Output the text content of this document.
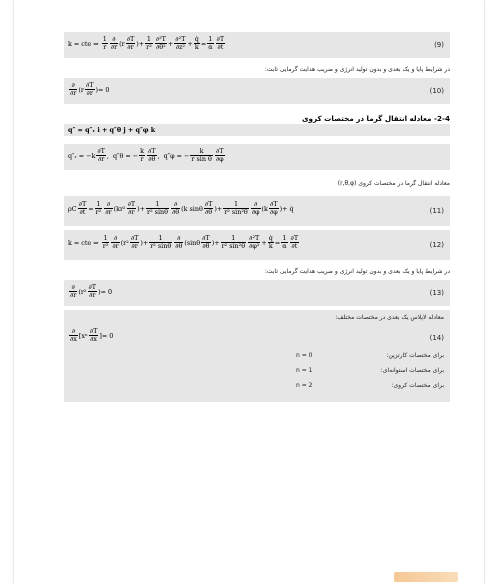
k = cte
⇒
$\frac{1}{r} \frac{\partial}{\partial r} (r \frac{\partial T}{\partial r}$ )+ $\frac{1}{\text{r²}} \frac{\text{∂²T}}{\text{∂θ²}} + \frac{\text{∂²T}}{\text{∂z²}} + \frac{q̇}{k} = \frac{1}{\alpha} \frac{\partial T}{\partial t}$	(9)
در شرایط پایا و یک بعدی و بدون تولید انرژی و ضریب هدایت گرمایی ثابت:
$\frac{\partial}{\partial r} (r \frac{\partial T}{\partial r}$ ) = 0	(10)
2-4- معادله انتقال گرما در مختصات کروی
q″ = q″ᵣ i + q″θ j + q″φ k
q″ᵣ = $-k \frac{\partial T}{\partial r}$ ,  q″θ = − $\frac{k}{r} \frac{\partial T}{\partial\theta}$ ,  q″φ = − $\frac{k}{\text{r sin θ}} \frac{\partial T}{\partial\varphi}$
معادله انتقال گرما در مختصات کروی (r,θ,φ)
ρC $\frac{\partial T}{\partial t} = \frac{1}{\text{r²}} \frac{\partial}{\partial r} (kr^2 \frac{\partial T}{\partial r}$ )+ $\frac{1}{\text{r² sinθ}} \frac{\partial}{\partial\theta} (k$ sinθ $\frac{\partial T}{\partial\theta}$ )+ $\frac{1}{\text{r² sin²θ}} \frac{\partial}{\partial\varphi} (k \frac{\partial T}{\partial\varphi}$ ) + q̇	(11)
k = cte
⇒
$\frac{1}{\text{r²}} \frac{\partial}{\partial r} (r^2 \frac{\partial T}{\partial r}$ )+ $\frac{1}{\text{r² sinθ}} \frac{\partial}{\partial\theta} (\sin\theta \frac{\partial T}{\partial\theta}$ )+ $\frac{1}{\text{r² sin²θ}} \frac{\text{∂²T}}{\text{∂φ²}} + \frac{q̇}{k} = \frac{1}{\alpha} \frac{\partial T}{\partial t}$	(12)
در شرایط پایا و یک بعدی و بدون تولید انرژی و ضریب هدایت گرمایی ثابت:
$\frac{\partial}{\partial r} (r^2 \frac{\partial T}{\partial r}$ ) = 0	(13)
معادله لاپلاس یک بعدی در مختصات مختلف:
$\frac{\partial}{\partial x} [x^n \frac{\partial T}{\partial x}$ ] = 0	(14)
n = 0	برای مختصات کارتزین:
n = 1	برای مختصات استوانه‌ای:
n = 2	برای مختصات کروی:
